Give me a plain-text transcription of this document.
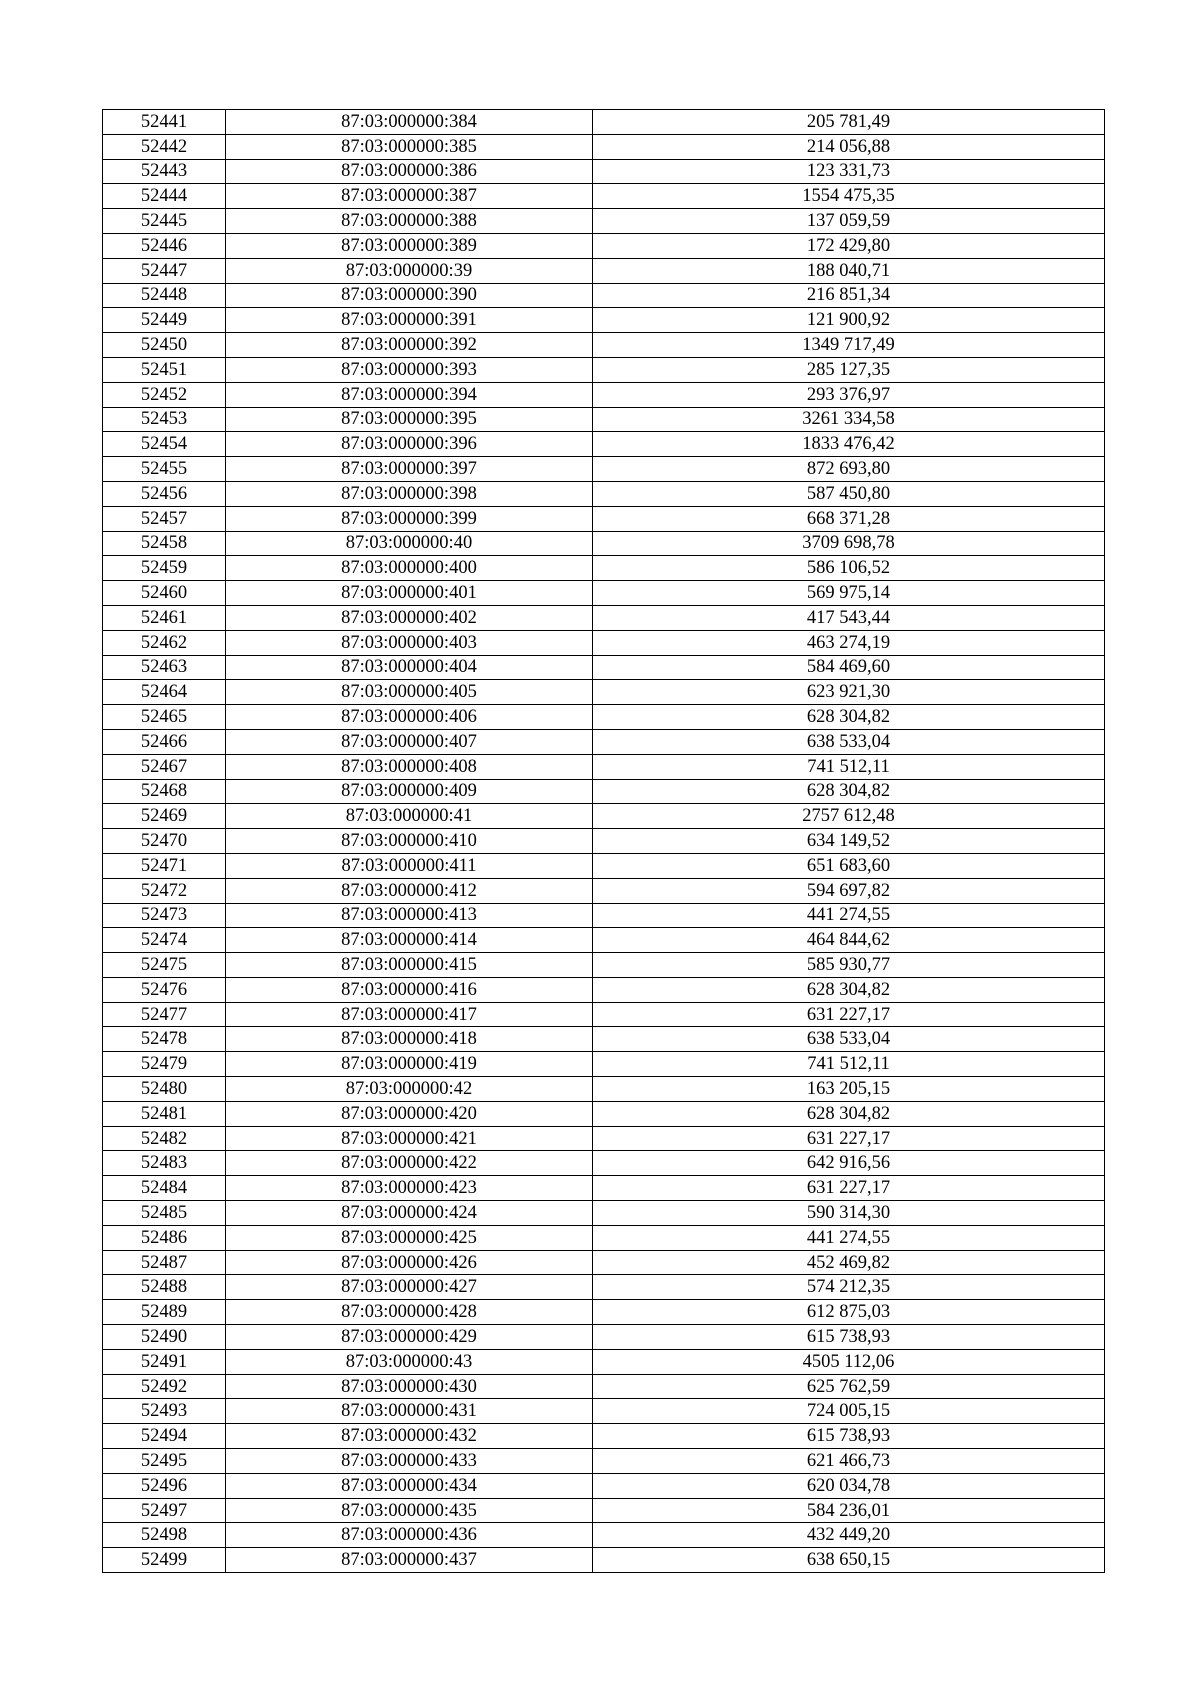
52441	87:03:000000:384	205 781,49
52442	87:03:000000:385	214 056,88
52443	87:03:000000:386	123 331,73
52444	87:03:000000:387	1554 475,35
52445	87:03:000000:388	137 059,59
52446	87:03:000000:389	172 429,80
52447	87:03:000000:39	188 040,71
52448	87:03:000000:390	216 851,34
52449	87:03:000000:391	121 900,92
52450	87:03:000000:392	1349 717,49
52451	87:03:000000:393	285 127,35
52452	87:03:000000:394	293 376,97
52453	87:03:000000:395	3261 334,58
52454	87:03:000000:396	1833 476,42
52455	87:03:000000:397	872 693,80
52456	87:03:000000:398	587 450,80
52457	87:03:000000:399	668 371,28
52458	87:03:000000:40	3709 698,78
52459	87:03:000000:400	586 106,52
52460	87:03:000000:401	569 975,14
52461	87:03:000000:402	417 543,44
52462	87:03:000000:403	463 274,19
52463	87:03:000000:404	584 469,60
52464	87:03:000000:405	623 921,30
52465	87:03:000000:406	628 304,82
52466	87:03:000000:407	638 533,04
52467	87:03:000000:408	741 512,11
52468	87:03:000000:409	628 304,82
52469	87:03:000000:41	2757 612,48
52470	87:03:000000:410	634 149,52
52471	87:03:000000:411	651 683,60
52472	87:03:000000:412	594 697,82
52473	87:03:000000:413	441 274,55
52474	87:03:000000:414	464 844,62
52475	87:03:000000:415	585 930,77
52476	87:03:000000:416	628 304,82
52477	87:03:000000:417	631 227,17
52478	87:03:000000:418	638 533,04
52479	87:03:000000:419	741 512,11
52480	87:03:000000:42	163 205,15
52481	87:03:000000:420	628 304,82
52482	87:03:000000:421	631 227,17
52483	87:03:000000:422	642 916,56
52484	87:03:000000:423	631 227,17
52485	87:03:000000:424	590 314,30
52486	87:03:000000:425	441 274,55
52487	87:03:000000:426	452 469,82
52488	87:03:000000:427	574 212,35
52489	87:03:000000:428	612 875,03
52490	87:03:000000:429	615 738,93
52491	87:03:000000:43	4505 112,06
52492	87:03:000000:430	625 762,59
52493	87:03:000000:431	724 005,15
52494	87:03:000000:432	615 738,93
52495	87:03:000000:433	621 466,73
52496	87:03:000000:434	620 034,78
52497	87:03:000000:435	584 236,01
52498	87:03:000000:436	432 449,20
52499	87:03:000000:437	638 650,15
